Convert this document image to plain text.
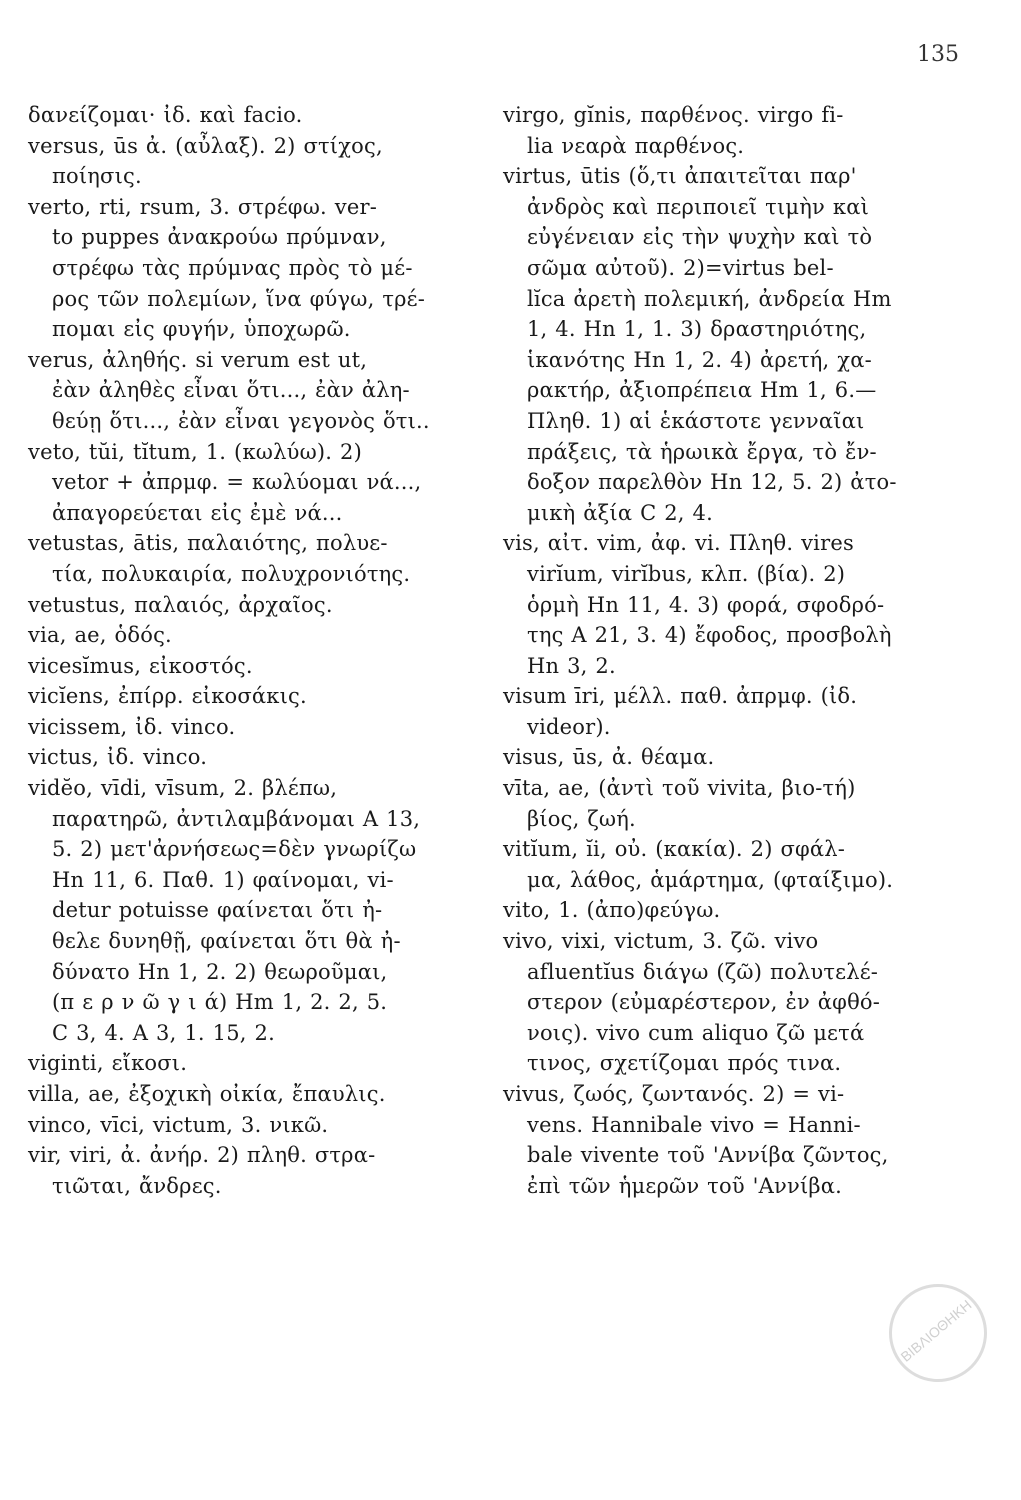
135
δανείζομαι· ἰδ. καὶ facio.
versus, ūs ἀ. (αὖλαξ). 2) στίχος,
ποίησις.
verto, rti, rsum, 3. στρέφω. ver-
to puppes ἀνακρούω πρύμναν,
στρέφω τὰς πρύμνας πρὸς τὸ μέ-
ρος τῶν πολεμίων, ἵνα φύγω, τρέ-
πομαι εἰς φυγήν, ὑποχωρῶ.
verus, ἀληθής. si verum est ut,
ἐὰν ἀληθὲς εἶναι ὅτι..., ἐὰν ἀλη-
θεύῃ ὅτι..., ἐὰν εἶναι γεγονὸς ὅτι..
veto, tŭi, tĭtum, 1. (κωλύω). 2)
vetor + ἀπρμφ. = κωλύομαι νά...,
ἀπαγορεύεται εἰς ἐμὲ νά...
vetustas, ātis, παλαιότης, πολυε-
τία, πολυκαιρία, πολυχρονιότης.
vetustus, παλαιός, ἀρχαῖος.
via, ae, ὁδός.
vicesĭmus, εἰκοστός.
vicĭens, ἐπίρρ. εἰκοσάκις.
vicissem, ἰδ. vinco.
victus, ἰδ. vinco.
vidĕo, vīdi, vīsum, 2. βλέπω,
παρατηρῶ, ἀντιλαμβάνομαι A 13,
5. 2) μετ'ἀρνήσεως=δὲν γνωρίζω
Hn 11, 6. Παθ. 1) φαίνομαι, vi-
detur potuisse φαίνεται ὅτι ἠ-
θελε δυνηθῇ, φαίνεται ὅτι θὰ ἠ-
δύνατο Hn 1, 2. 2) θεωροῦμαι,
(π ε ρ ν ῶ γ ι ά) Hm 1, 2. 2, 5.
C 3, 4. A 3, 1. 15, 2.
viginti, εἴκοσι.
villa, ae, ἐξοχικὴ οἰκία, ἔπαυλις.
vinco, vīci, victum, 3. νικῶ.
vir, viri, ἀ. ἀνήρ. 2) πληθ. στρα-
τιῶται, ἄνδρες.
virgo, gĭnis, παρθένος. virgo fi-
lia νεαρὰ παρθένος.
virtus, ūtis (ὅ,τι ἀπαιτεῖται παρ'
ἀνδρὸς καὶ περιποιεῖ τιμὴν καὶ
εὐγένειαν εἰς τὴν ψυχὴν καὶ τὸ
σῶμα αὐτοῦ). 2)=virtus bel-
lĭca ἀρετὴ πολεμική, ἀνδρεία Hm
1, 4. Hn 1, 1. 3) δραστηριότης,
ἱκανότης Hn 1, 2. 4) ἀρετή, χα-
ρακτήρ, ἀξιοπρέπεια Hm 1, 6.—
Πληθ. 1) αἱ ἑκάστοτε γενναῖαι
πράξεις, τὰ ἡρωικὰ ἔργα, τὸ ἔν-
δοξον παρελθὸν Hn 12, 5. 2) ἀτο-
μικὴ ἀξία C 2, 4.
vis, αἰτ. vim, ἀφ. vi. Πληθ. vires
virĭum, virĭbus, κλπ. (βία). 2)
ὁρμὴ Hn 11, 4. 3) φορά, σφοδρό-
της A 21, 3. 4) ἔφοδος, προσβολὴ
Hn 3, 2.
visum īri, μέλλ. παθ. ἀπρμφ. (ἰδ.
videor).
visus, ūs, ἀ. θέαμα.
vīta, ae, (ἀντὶ τοῦ vivita, βιο-τή)
βίος, ζωή.
vitĭum, ĭi, οὐ. (κακία). 2) σφάλ-
μα, λάθος, ἁμάρτημα, (φταίξιμο).
vito, 1. (ἀπο)φεύγω.
vivo, vixi, victum, 3. ζῶ. vivo
afluentĭus διάγω (ζῶ) πολυτελέ-
στερον (εὐμαρέστερον, ἐν ἀφθό-
νοις). vivo cum aliquo ζῶ μετά
τινος, σχετίζομαι πρός τινα.
vivus, ζωός, ζωντανός. 2) = vi-
vens. Hannibale vivo = Hanni-
bale vivente τοῦ 'Αννίβα ζῶντος,
ἐπὶ τῶν ἡμερῶν τοῦ 'Αννίβα.
ΒΙΒΛΙΟΘΗΚΗ
